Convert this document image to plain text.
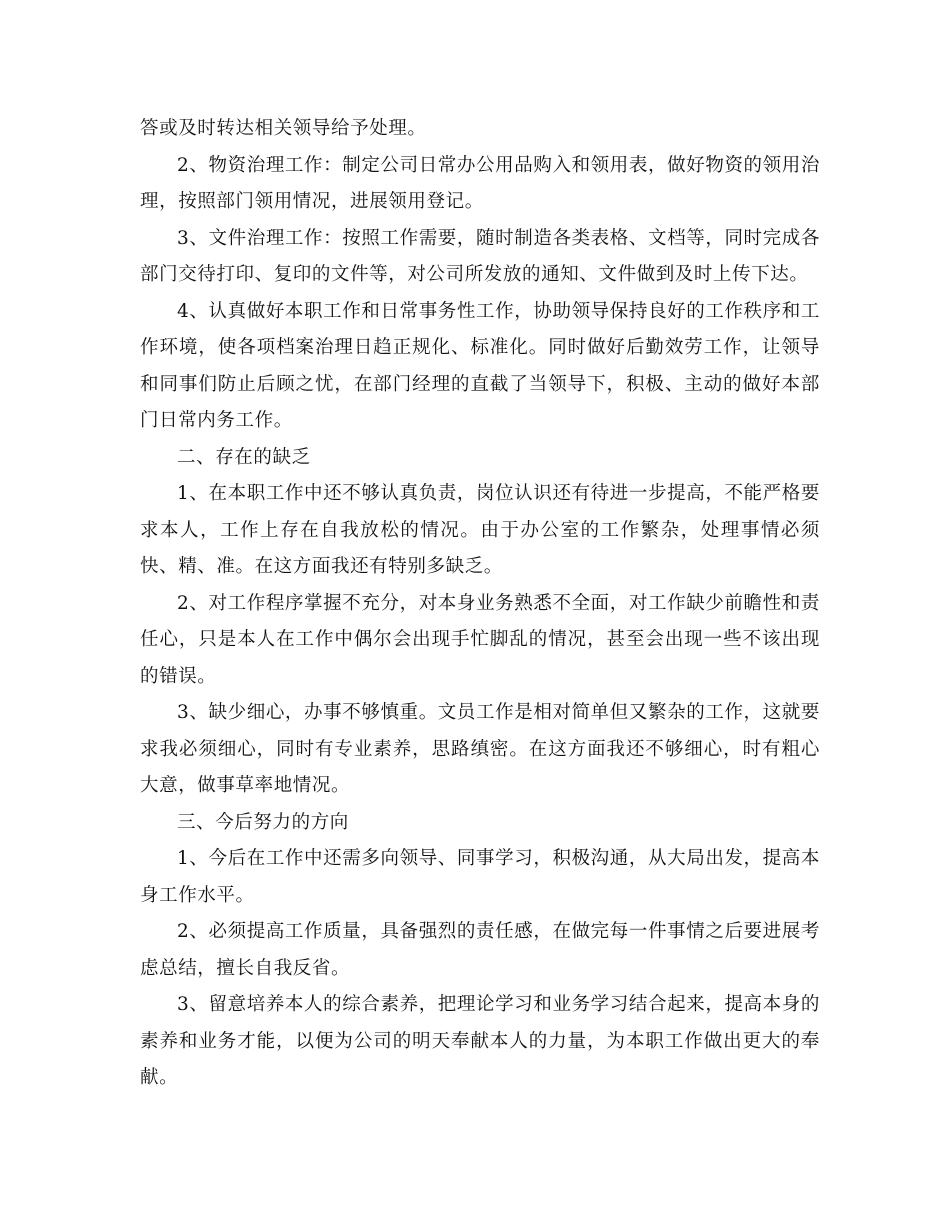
答或及时转达相关领导给予处理。

2、物资治理工作：制定公司日常办公用品购入和领用表，做好物资的领用治理，按照部门领用情况，进展领用登记。

3、文件治理工作：按照工作需要，随时制造各类表格、文档等，同时完成各部门交待打印、复印的文件等，对公司所发放的通知、文件做到及时上传下达。

4、认真做好本职工作和日常事务性工作，协助领导保持良好的工作秩序和工作环境，使各项档案治理日趋正规化、标准化。同时做好后勤效劳工作，让领导和同事们防止后顾之忧，在部门经理的直截了当领导下，积极、主动的做好本部门日常内务工作。

二、存在的缺乏

1、在本职工作中还不够认真负责，岗位认识还有待进一步提高，不能严格要求本人，工作上存在自我放松的情况。由于办公室的工作繁杂，处理事情必须快、精、准。在这方面我还有特别多缺乏。

2、对工作程序掌握不充分，对本身业务熟悉不全面，对工作缺少前瞻性和责任心，只是本人在工作中偶尔会出现手忙脚乱的情况，甚至会出现一些不该出现的错误。

3、缺少细心，办事不够慎重。文员工作是相对简单但又繁杂的工作，这就要求我必须细心，同时有专业素养，思路缜密。在这方面我还不够细心，时有粗心大意，做事草率地情况。

三、今后努力的方向

1、今后在工作中还需多向领导、同事学习，积极沟通，从大局出发，提高本身工作水平。

2、必须提高工作质量，具备强烈的责任感，在做完每一件事情之后要进展考虑总结，擅长自我反省。

3、留意培养本人的综合素养，把理论学习和业务学习结合起来，提高本身的素养和业务才能，以便为公司的明天奉献本人的力量，为本职工作做出更大的奉献。
